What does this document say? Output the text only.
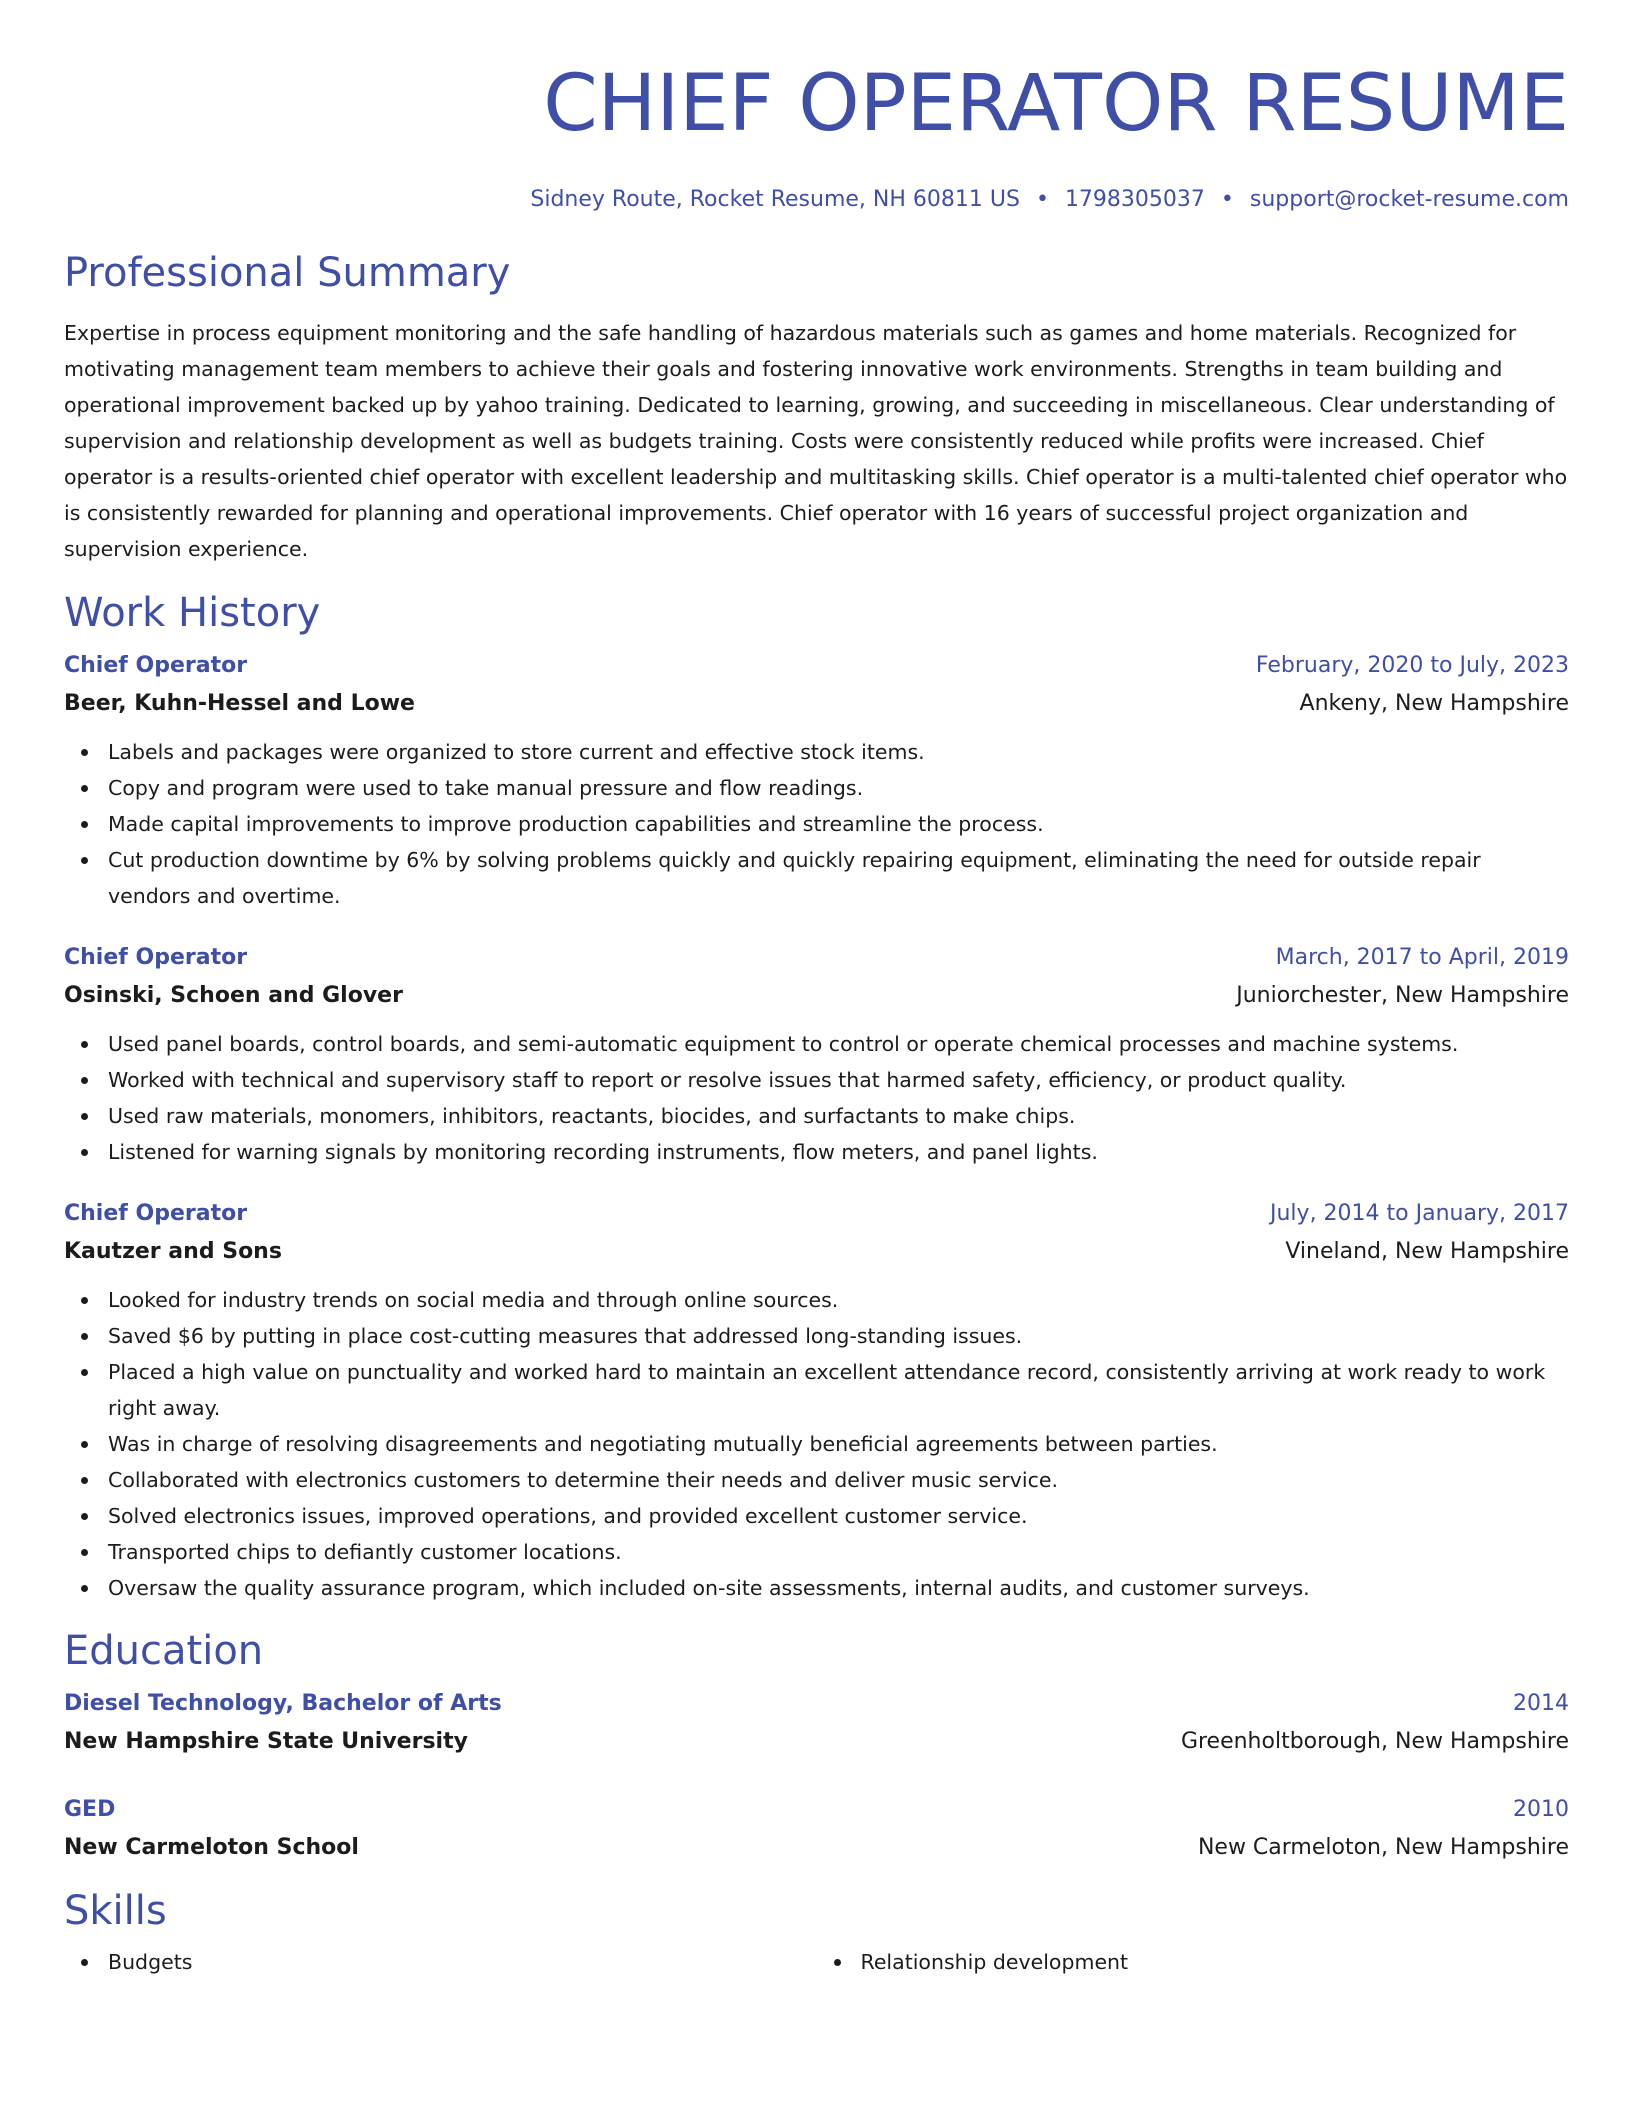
CHIEF OPERATOR RESUME
Sidney Route, Rocket Resume, NH 60811 US • 1798305037 • support@rocket-resume.com
Professional Summary

Expertise in process equipment monitoring and the safe handling of hazardous materials such as games and home materials. Recognized for motivating management team members to achieve their goals and fostering innovative work environments. Strengths in team building and operational improvement backed up by yahoo training. Dedicated to learning, growing, and succeeding in miscellaneous. Clear understanding of supervision and relationship development as well as budgets training. Costs were consistently reduced while profits were increased. Chief operator is a results-oriented chief operator with excellent leadership and multitasking skills. Chief operator is a multi-talented chief operator who is consistently rewarded for planning and operational improvements. Chief operator with 16 years of successful project organization and supervision experience.

Work History
Chief Operator	February, 2020 to July, 2023
Beer, Kuhn-Hessel and Lowe	Ankeny, New Hampshire
Labels and packages were organized to store current and effective stock items.
Copy and program were used to take manual pressure and flow readings.
Made capital improvements to improve production capabilities and streamline the process.
Cut production downtime by 6% by solving problems quickly and quickly repairing equipment, eliminating the need for outside repair vendors and overtime.
Chief Operator	March, 2017 to April, 2019
Osinski, Schoen and Glover	Juniorchester, New Hampshire
Used panel boards, control boards, and semi-automatic equipment to control or operate chemical processes and machine systems.
Worked with technical and supervisory staff to report or resolve issues that harmed safety, efficiency, or product quality.
Used raw materials, monomers, inhibitors, reactants, biocides, and surfactants to make chips.
Listened for warning signals by monitoring recording instruments, flow meters, and panel lights.
Chief Operator	July, 2014 to January, 2017
Kautzer and Sons	Vineland, New Hampshire
Looked for industry trends on social media and through online sources.
Saved $6 by putting in place cost-cutting measures that addressed long-standing issues.
Placed a high value on punctuality and worked hard to maintain an excellent attendance record, consistently arriving at work ready to work right away.
Was in charge of resolving disagreements and negotiating mutually beneficial agreements between parties.
Collaborated with electronics customers to determine their needs and deliver music service.
Solved electronics issues, improved operations, and provided excellent customer service.
Transported chips to defiantly customer locations.
Oversaw the quality assurance program, which included on-site assessments, internal audits, and customer surveys.
Education
Diesel Technology, Bachelor of Arts	2014
New Hampshire State University	Greenholtborough, New Hampshire
GED	2010
New Carmeloton School	New Carmeloton, New Hampshire
Skills
Budgets	Relationship development
